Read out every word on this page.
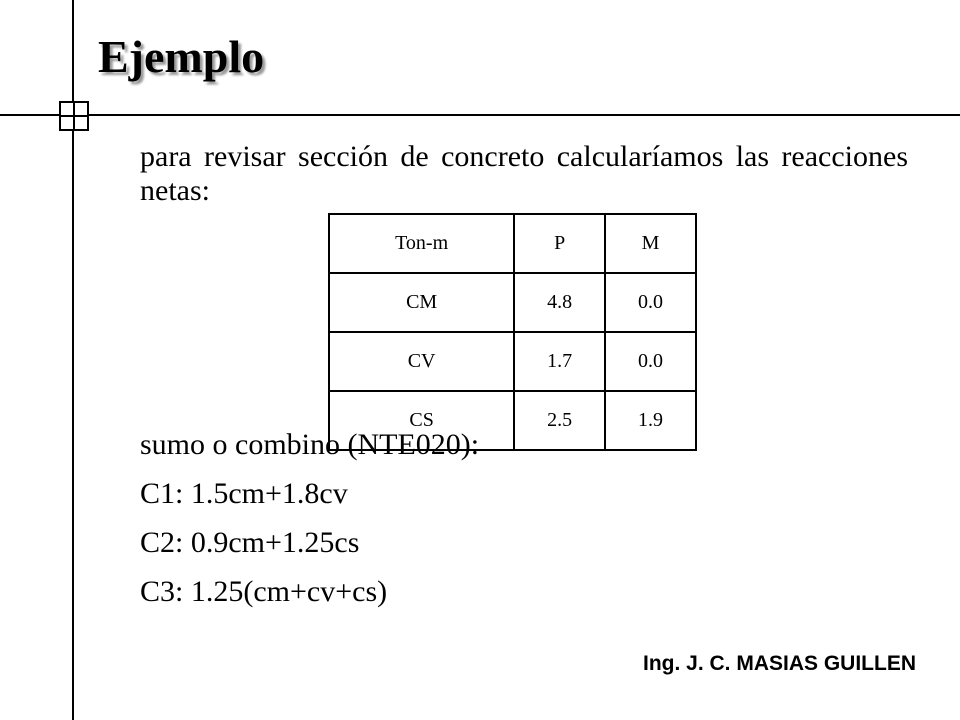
Ejemplo
para revisar sección de concreto calcularíamos las reacciones netas:
Ton-m	P	M
CM	4.8	0.0
CV	1.7	0.0
CS	2.5	1.9
sumo o combino (NTE020):
C1: 1.5cm+1.8cv
C2: 0.9cm+1.25cs
C3: 1.25(cm+cv+cs)
Ing. J. C. MASIAS GUILLEN
